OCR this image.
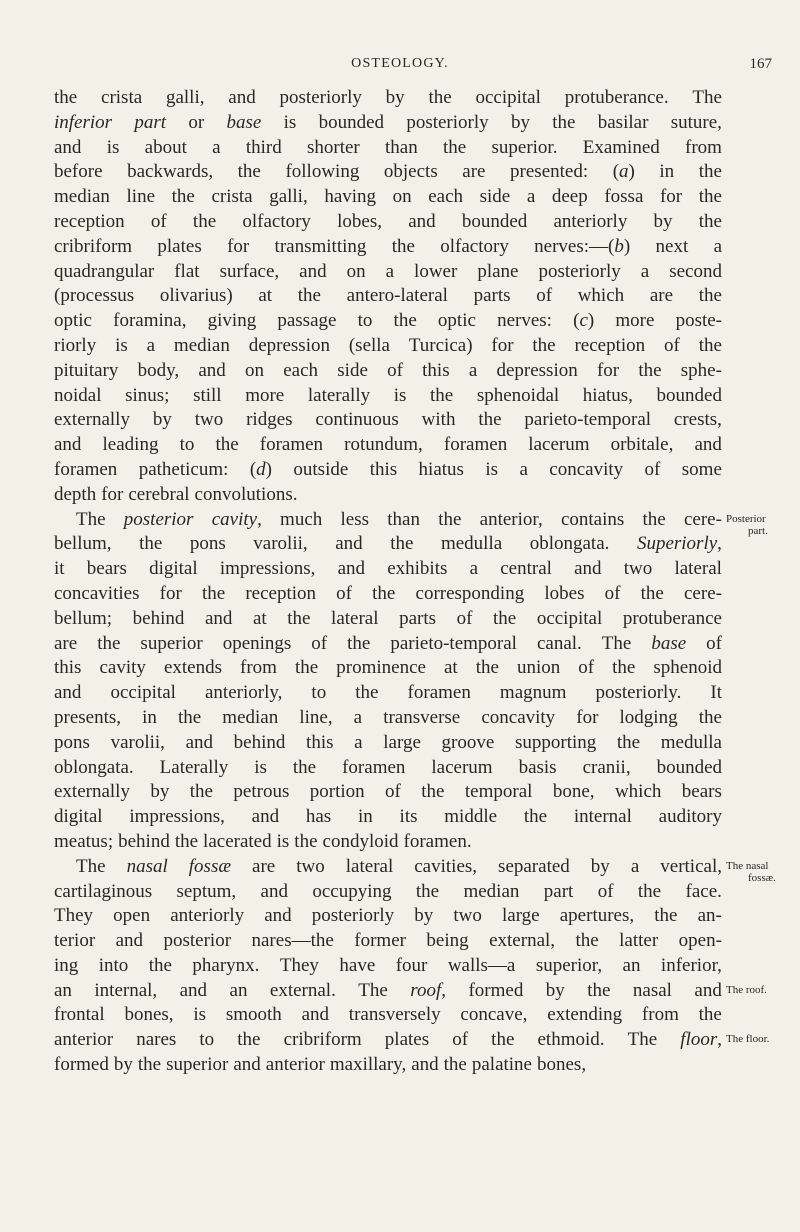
OSTEOLOGY.	167
the crista galli, and posteriorly by the occipital protuberance. The
inferior part or base is bounded posteriorly by the basilar suture,
and is about a third shorter than the superior. Examined from
before backwards, the following objects are presented: (a) in the
median line the crista galli, having on each side a deep fossa for the
reception of the olfactory lobes, and bounded anteriorly by the
cribriform plates for transmitting the olfactory nerves:—(b) next a
quadrangular flat surface, and on a lower plane posteriorly a second
(processus olivarius) at the antero-lateral parts of which are the
optic foramina, giving passage to the optic nerves: (c) more poste-
riorly is a median depression (sella Turcica) for the reception of the
pituitary body, and on each side of this a depression for the sphe-
noidal sinus; still more laterally is the sphenoidal hiatus, bounded
externally by two ridges continuous with the parieto-temporal crests,
and leading to the foramen rotundum, foramen lacerum orbitale, and
foramen patheticum: (d) outside this hiatus is a concavity of some
depth for cerebral convolutions.
The posterior cavity, much less than the anterior, contains the cere-
bellum, the pons varolii, and the medulla oblongata. Superiorly,
it bears digital impressions, and exhibits a central and two lateral
concavities for the reception of the corresponding lobes of the cere-
bellum; behind and at the lateral parts of the occipital protuberance
are the superior openings of the parieto-temporal canal. The base of
this cavity extends from the prominence at the union of the sphenoid
and occipital anteriorly, to the foramen magnum posteriorly. It
presents, in the median line, a transverse concavity for lodging the
pons varolii, and behind this a large groove supporting the medulla
oblongata. Laterally is the foramen lacerum basis cranii, bounded
externally by the petrous portion of the temporal bone, which bears
digital impressions, and has in its middle the internal auditory
meatus; behind the lacerated is the condyloid foramen.
The nasal fossæ are two lateral cavities, separated by a vertical,
cartilaginous septum, and occupying the median part of the face.
They open anteriorly and posteriorly by two large apertures, the an-
terior and posterior nares—the former being external, the latter open-
ing into the pharynx. They have four walls—a superior, an inferior,
an internal, and an external. The roof, formed by the nasal and
frontal bones, is smooth and transversely concave, extending from the
anterior nares to the cribriform plates of the ethmoid. The floor,
formed by the superior and anterior maxillary, and the palatine bones,
Posterior
part.
The nasal
fossæ.
The roof.
The floor.
